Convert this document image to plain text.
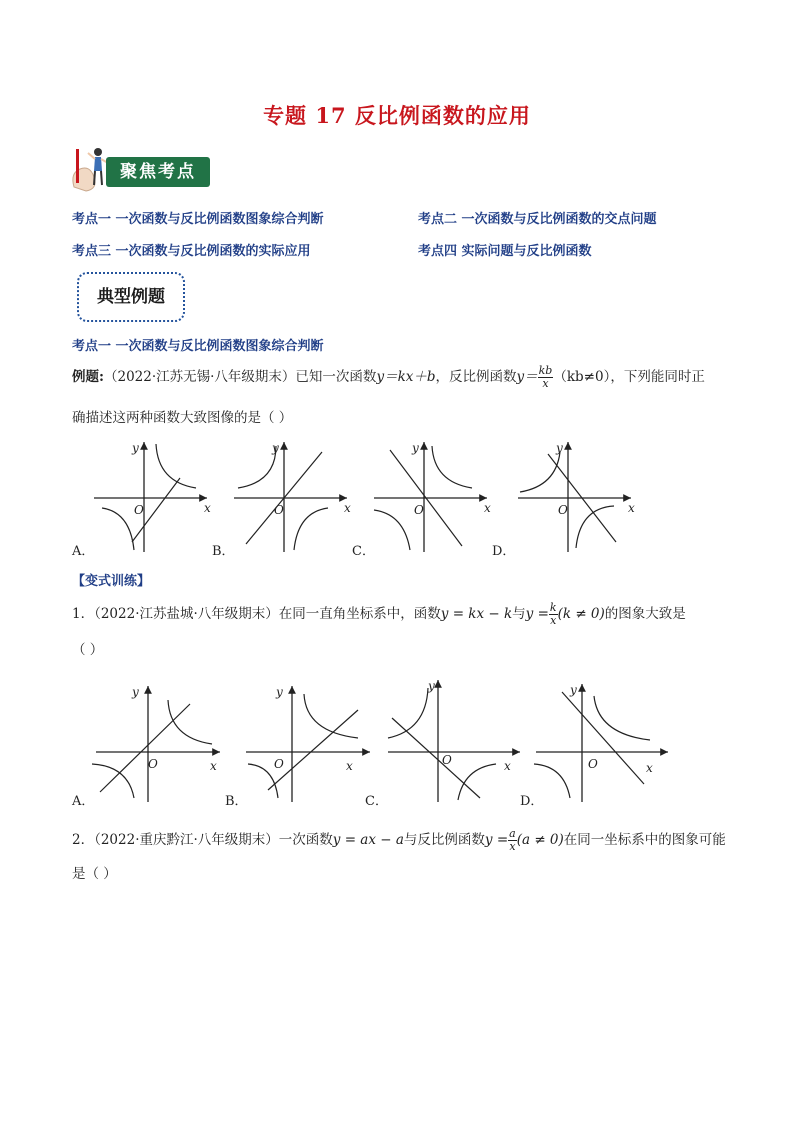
专题 17 反比例函数的应用
聚焦考点
考点一 一次函数与反比例函数图象综合判断	考点二 一次函数与反比例函数的交点问题
考点三 一次函数与反比例函数的实际应用	考点四 实际问题与反比例函数
典型例题
考点一 一次函数与反比例函数图象综合判断
例题:（2022·江苏无锡·八年级期末）已知一次函数y＝kx＋b，反比例函数$y= \frac{kb}{x} (kb\ne 0)$，下列能同时正
确描述这两种函数大致图像的是（ ）
O	x
y
O	x
y
O	x
y
O	x
y
A．	B．	C．	D．
【变式训练】
1．（2022·江苏盐城·八年级期末）在同一直角坐标系中，函数y = kx − k与$y = \frac{k}{x} (k \ne 0)$的图象大致是
（ ）
O	x
y
O	x
y
O	x
y
O	x
y
A．	B．	C．	D．
2．（2022·重庆黔江·八年级期末）一次函数y = ax − a与反比例函数$y = \frac{a}{x} (a \ne 0)$在同一坐标系中的图象可能
是（ ）
